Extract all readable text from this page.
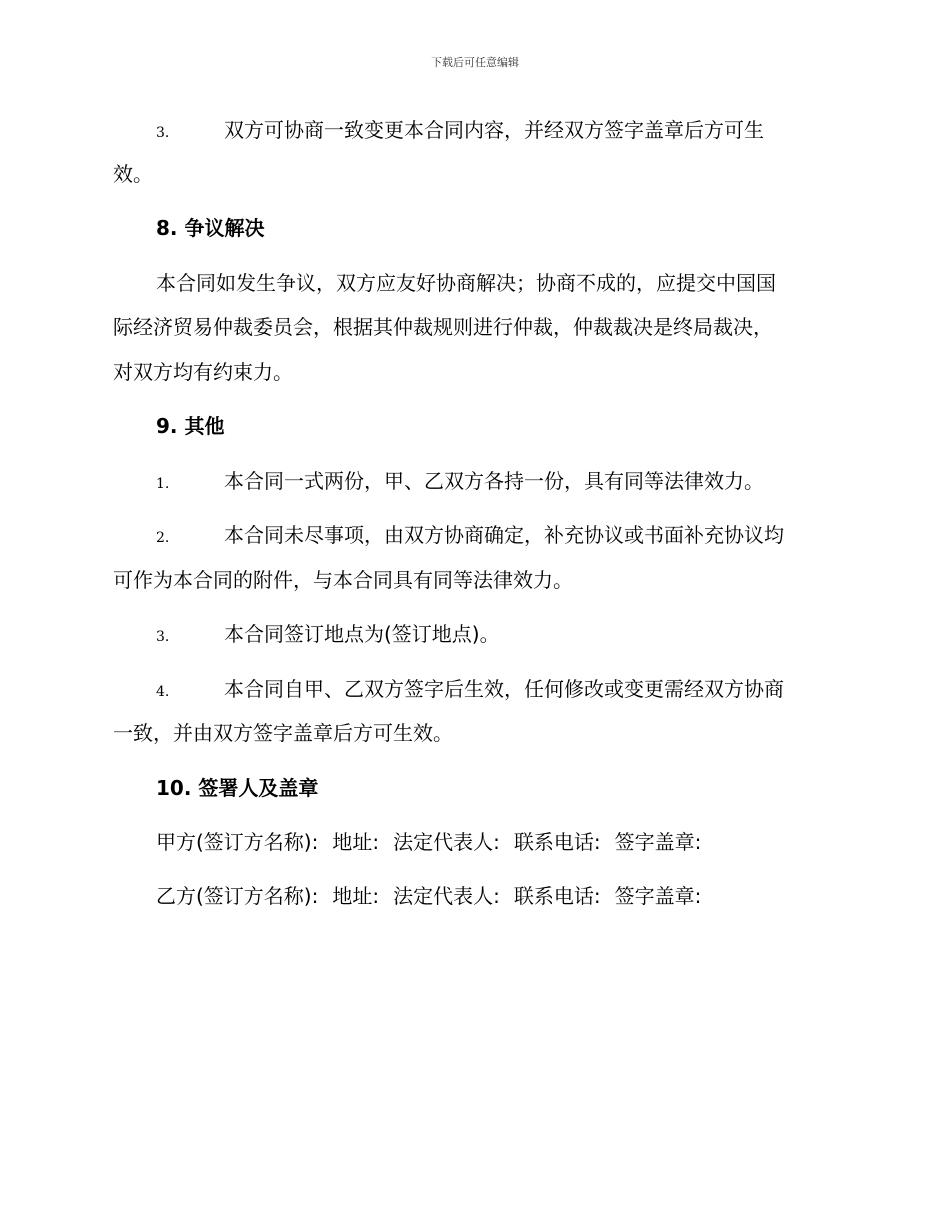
下载后可任意编辑
3.	双方可协商一致变更本合同内容，并经双方签字盖章后方可生
效。
8. 争议解决
本合同如发生争议，双方应友好协商解决；协商不成的，应提交中国国
际经济贸易仲裁委员会，根据其仲裁规则进行仲裁，仲裁裁决是终局裁决，
对双方均有约束力。
9. 其他
1.	本合同一式两份，甲、乙双方各持一份，具有同等法律效力。
2.	本合同未尽事项，由双方协商确定，补充协议或书面补充协议均
可作为本合同的附件，与本合同具有同等法律效力。
3.	本合同签订地点为(签订地点)。
4.	本合同自甲、乙双方签字后生效，任何修改或变更需经双方协商
一致，并由双方签字盖章后方可生效。
10. 签署人及盖章
甲方(签订方名称): 地址: 法定代表人: 联系电话: 签字盖章:
乙方(签订方名称): 地址: 法定代表人: 联系电话: 签字盖章:
